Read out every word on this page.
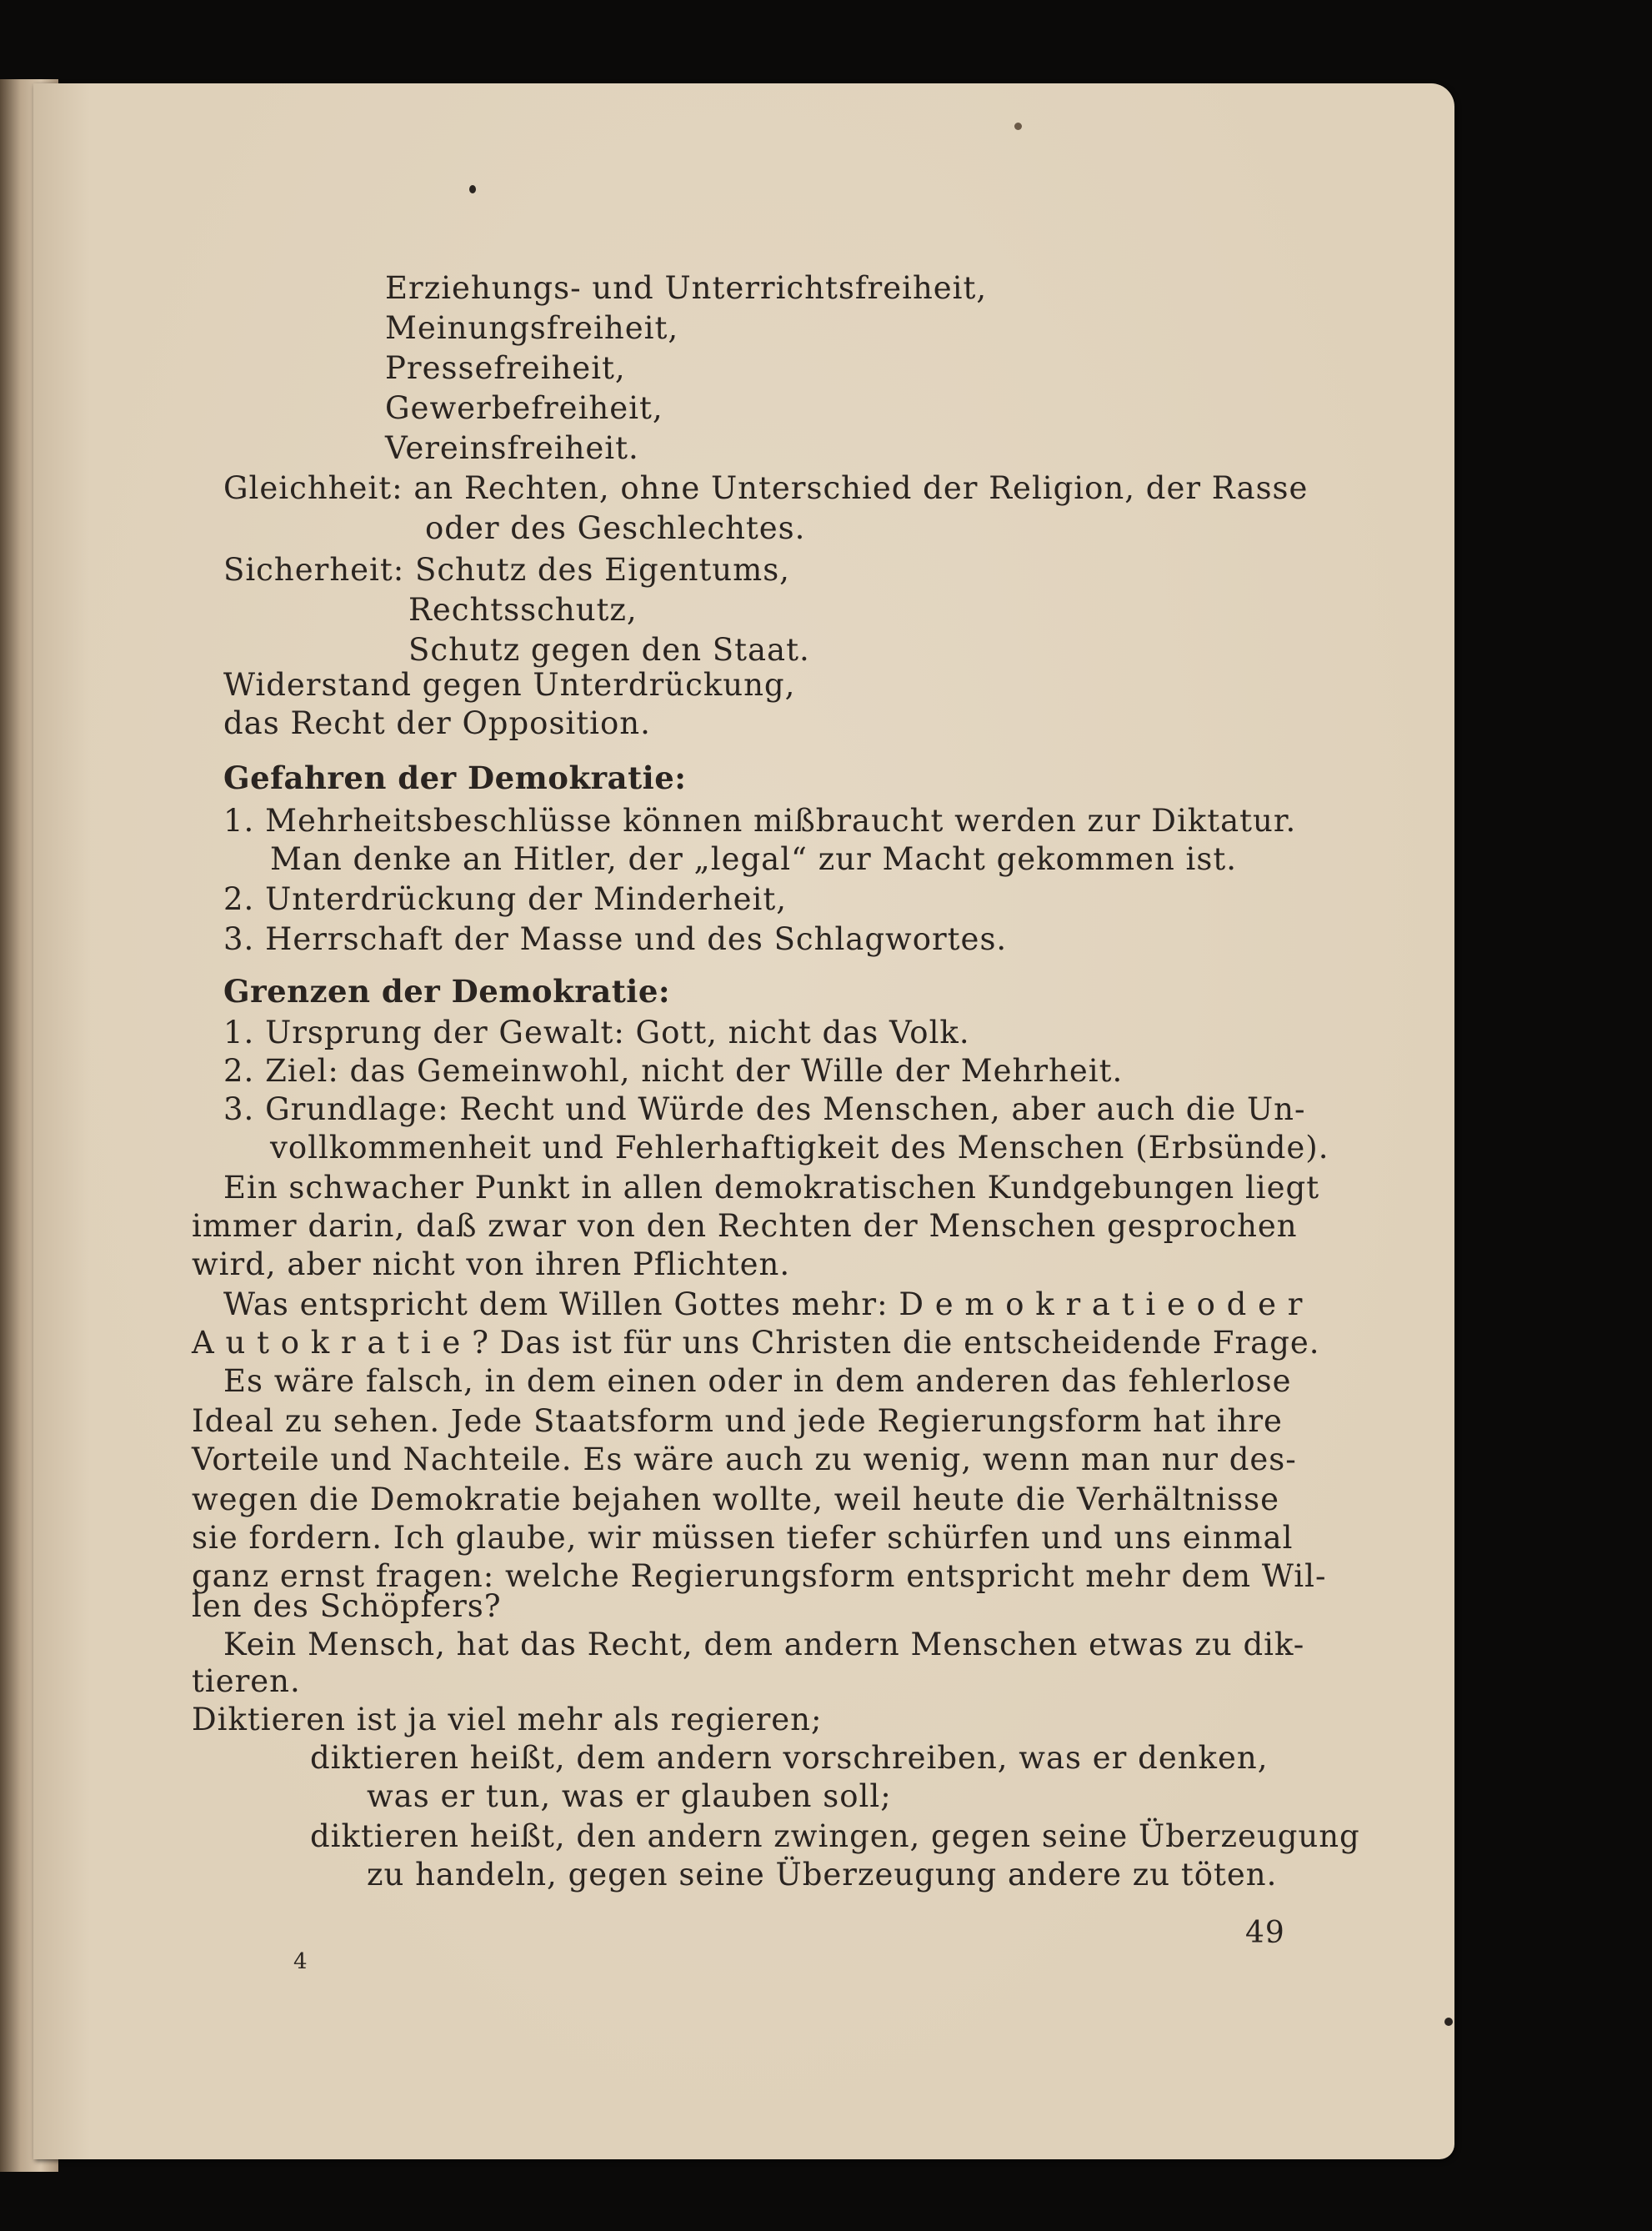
Erziehungs- und Unterrichtsfreiheit,
Meinungsfreiheit,
Pressefreiheit,
Gewerbefreiheit,
Vereinsfreiheit.
Gleichheit: an Rechten, ohne Unterschied der Religion, der Rasse
oder des Geschlechtes.
Sicherheit: Schutz des Eigentums,
Rechtsschutz,
Schutz gegen den Staat.
Widerstand gegen Unterdrückung,
das Recht der Opposition.
Gefahren der Demokratie:
1. Mehrheitsbeschlüsse können mißbraucht werden zur Diktatur.
Man denke an Hitler, der „legal“ zur Macht gekommen ist.
2. Unterdrückung der Minderheit,
3. Herrschaft der Masse und des Schlagwortes.
Grenzen der Demokratie:
1. Ursprung der Gewalt: Gott, nicht das Volk.
2. Ziel: das Gemeinwohl, nicht der Wille der Mehrheit.
3. Grundlage: Recht und Würde des Menschen, aber auch die Un-
vollkommenheit und Fehlerhaftigkeit des Menschen (Erbsünde).
Ein schwacher Punkt in allen demokratischen Kundgebungen liegt
immer darin, daß zwar von den Rechten der Menschen gesprochen
wird, aber nicht von ihren Pflichten.
Was entspricht dem Willen Gottes mehr: D e m o k r a t i e o d e r
A u t o k r a t i e ? Das ist für uns Christen die entscheidende Frage.
Es wäre falsch, in dem einen oder in dem anderen das fehlerlose
Ideal zu sehen. Jede Staatsform und jede Regierungsform hat ihre
Vorteile und Nachteile. Es wäre auch zu wenig, wenn man nur des-
wegen die Demokratie bejahen wollte, weil heute die Verhältnisse
sie fordern. Ich glaube, wir müssen tiefer schürfen und uns einmal
ganz ernst fragen: welche Regierungsform entspricht mehr dem Wil-
len des Schöpfers?
Kein Mensch, hat das Recht, dem andern Menschen etwas zu dik-
tieren.
Diktieren ist ja viel mehr als regieren;
diktieren heißt, dem andern vorschreiben, was er denken,
was er tun, was er glauben soll;
diktieren heißt, den andern zwingen, gegen seine Überzeugung
zu handeln, gegen seine Überzeugung andere zu töten.
49
4
